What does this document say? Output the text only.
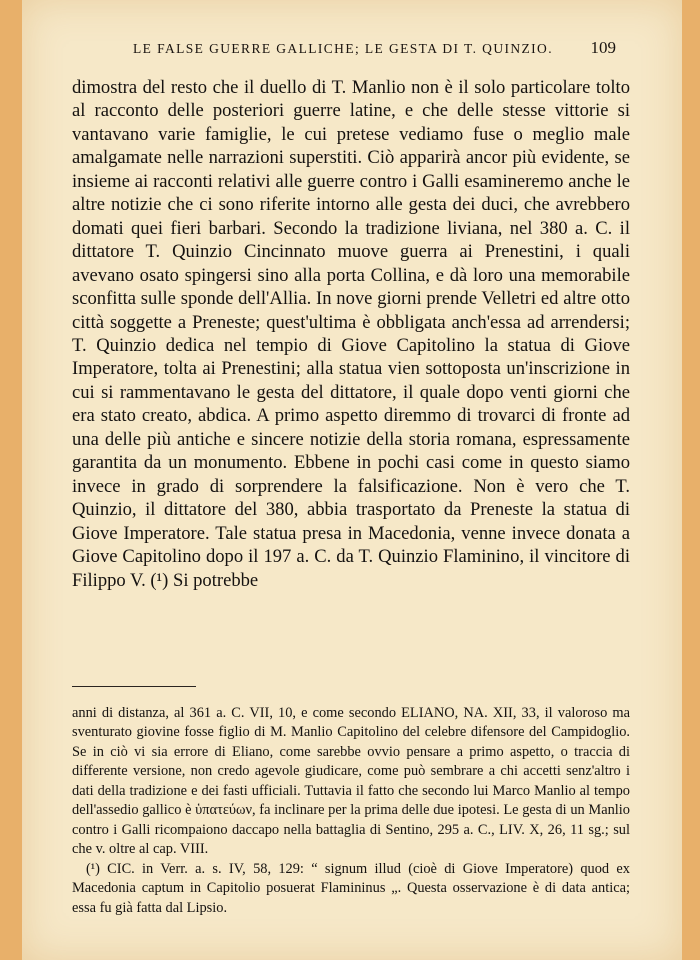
LE FALSE GUERRE GALLICHE; LE GESTA DI T. QUINZIO. 109

dimostra del resto che il duello di T. Manlio non è il solo particolare tolto al racconto delle posteriori guerre latine, e che delle stesse vittorie si vantavano varie famiglie, le cui pretese vediamo fuse o meglio male amalgamate nelle narrazioni superstiti. Ciò apparirà ancor più evidente, se insieme ai racconti relativi alle guerre contro i Galli esamineremo anche le altre notizie che ci sono riferite intorno alle gesta dei duci, che avrebbero domati quei fieri barbari. Secondo la tradizione liviana, nel 380 a. C. il dittatore T. Quinzio Cincinnato muove guerra ai Prenestini, i quali avevano osato spingersi sino alla porta Collina, e dà loro una memorabile sconfitta sulle sponde dell'Allia. In nove giorni prende Velletri ed altre otto città soggette a Preneste; quest'ultima è obbligata anch'essa ad arrendersi; T. Quinzio dedica nel tempio di Giove Capitolino la statua di Giove Imperatore, tolta ai Prenestini; alla statua vien sottoposta un'inscrizione in cui si rammentavano le gesta del dittatore, il quale dopo venti giorni che era stato creato, abdica. A primo aspetto diremmo di trovarci di fronte ad una delle più antiche e sincere notizie della storia romana, espressamente garantita da un monumento. Ebbene in pochi casi come in questo siamo invece in grado di sorprendere la falsificazione. Non è vero che T. Quinzio, il dittatore del 380, abbia trasportato da Preneste la statua di Giove Imperatore. Tale statua presa in Macedonia, venne invece donata a Giove Capitolino dopo il 197 a. C. da T. Quinzio Flaminino, il vincitore di Filippo V. (¹) Si potrebbe

anni di distanza, al 361 a. C. VII, 10, e come secondo ELIANO, NA. XII, 33, il valoroso ma sventurato giovine fosse figlio di M. Manlio Capitolino del celebre difensore del Campidoglio. Se in ciò vi sia errore di Eliano, come sarebbe ovvio pensare a primo aspetto, o traccia di differente versione, non credo agevole giudicare, come può sembrare a chi accetti senz'altro i dati della tradizione e dei fasti ufficiali. Tuttavia il fatto che secondo lui Marco Manlio al tempo dell'assedio gallico è ὑπατεύων, fa inclinare per la prima delle due ipotesi. Le gesta di un Manlio contro i Galli ricompaiono daccapo nella battaglia di Sentino, 295 a. C., LIV. X, 26, 11 sg.; sul che v. oltre al cap. VIII.

(¹) CIC. in Verr. a. s. IV, 58, 129: “ signum illud (cioè di Giove Imperatore) quod ex Macedonia captum in Capitolio posuerat Flamininus „. Questa osservazione è di data antica; essa fu già fatta dal Lipsio.
